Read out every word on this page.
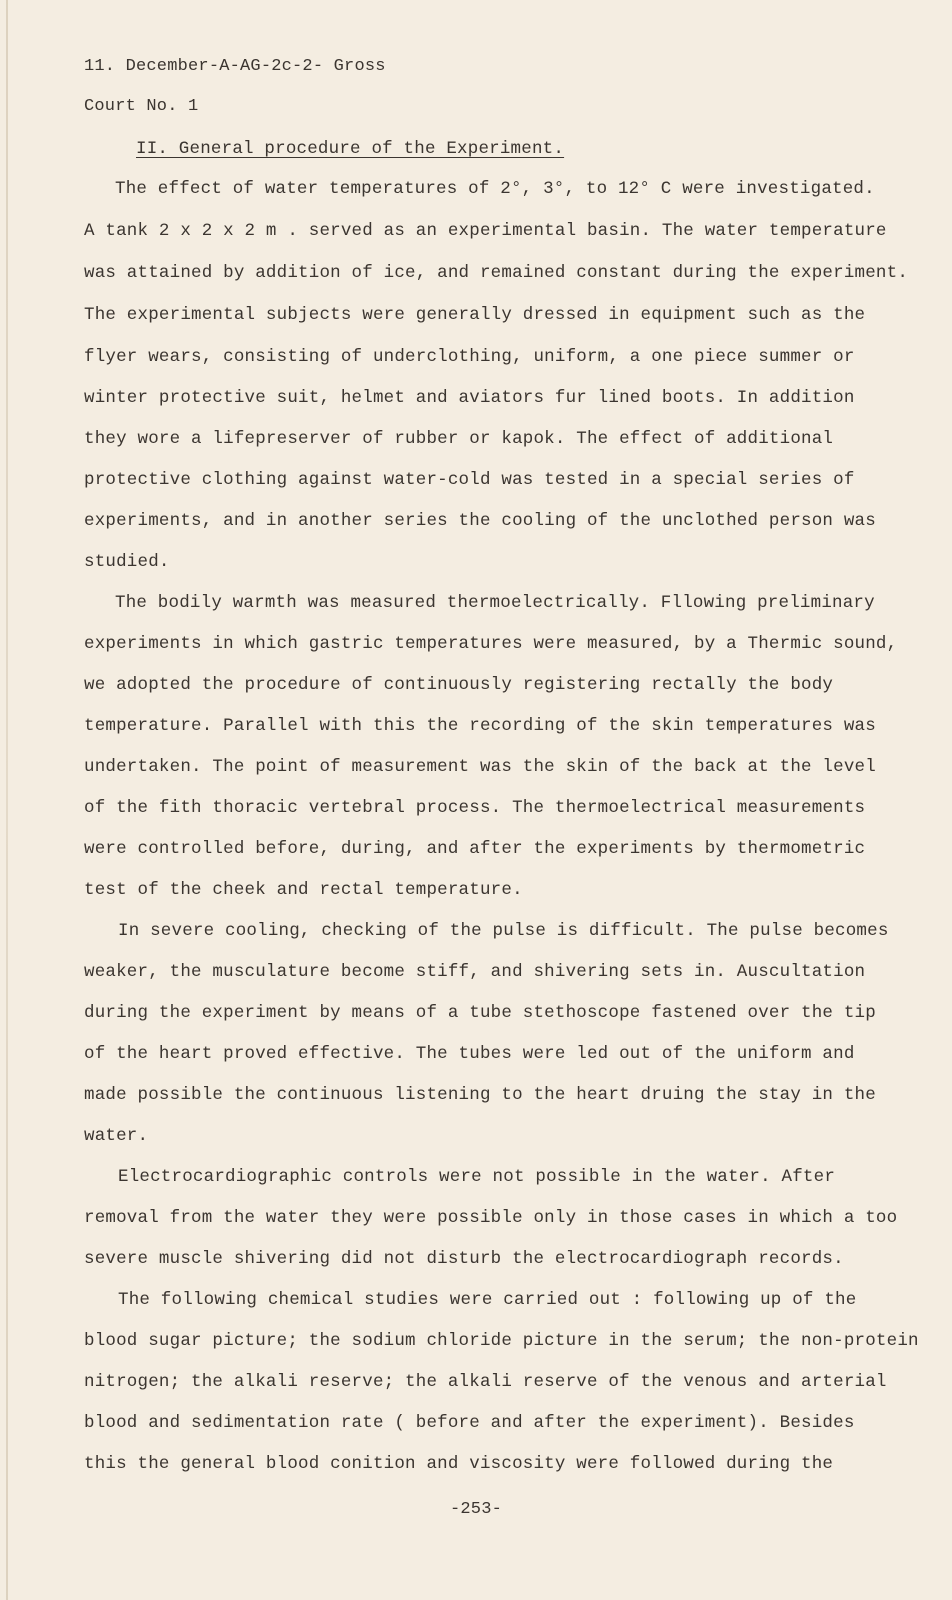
11. December-A-AG-2c-2- Gross
Court No. 1
II. General procedure of the Experiment.
The effect of water temperatures of 2°, 3°, to 12° C were investigated.
A tank 2 x 2 x 2 m . served as an experimental basin. The water temperature
was attained by addition of ice, and remained constant during the experiment.
The experimental subjects were generally dressed in equipment such as the
flyer wears, consisting of underclothing, uniform, a one piece summer or
winter protective suit, helmet and aviators fur lined boots. In addition
they wore a lifepreserver of rubber or kapok. The effect of additional
protective clothing against water-cold was tested in a special series of
experiments, and in another series the cooling of the unclothed person was
studied.
The bodily warmth was measured thermoelectrically. Fllowing preliminary
experiments in which gastric temperatures were measured, by a Thermic sound,
we adopted the procedure of continuously registering rectally the body
temperature. Parallel with this the recording of the skin temperatures was
undertaken. The point of measurement was the skin of the back at the level
of the fith thoracic vertebral process. The thermoelectrical measurements
were controlled before, during, and after the experiments by thermometric
test of the cheek and rectal temperature.
In severe cooling, checking of the pulse is difficult. The pulse becomes
weaker, the musculature become stiff, and shivering sets in. Auscultation
during the experiment by means of a tube stethoscope fastened over the tip
of the heart proved effective. The tubes were led out of the uniform and
made possible the continuous listening to the heart druing the stay in the
water.
Electrocardiographic controls were not possible in the water. After
removal from the water they were possible only in those cases in which a too
severe muscle shivering did not disturb the electrocardiograph records.
The following chemical studies were carried out : following up of the
blood sugar picture; the sodium chloride picture in the serum; the non-protein
nitrogen; the alkali reserve; the alkali reserve of the venous and arterial
blood and sedimentation rate ( before and after the experiment). Besides
this the general blood conition and viscosity were followed during the
-253-
